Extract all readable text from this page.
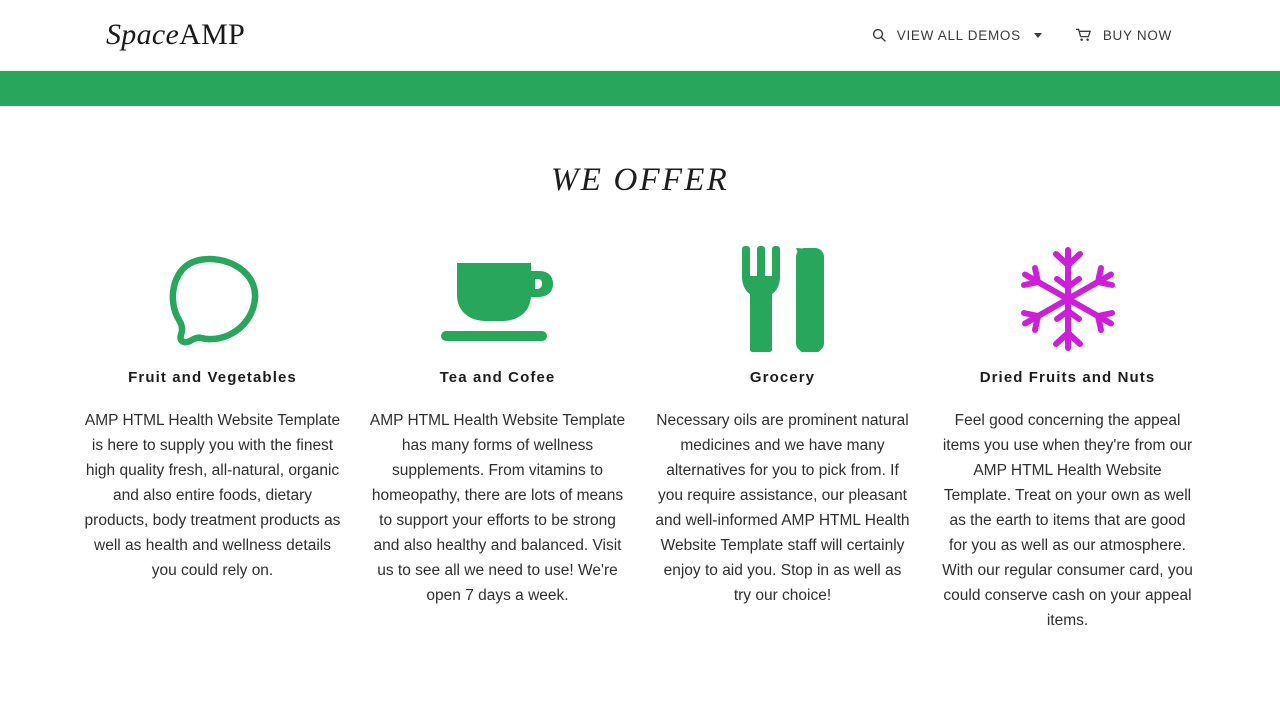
SpaceAMP	VIEW ALL DEMOS	BUY NOW
WE OFFER
Fruit and Vegetables
AMP HTML Health Website Template is here to supply you with the finest high quality fresh, all-natural, organic and also entire foods, dietary products, body treatment products as well as health and wellness details you could rely on.
Tea and Cofee
AMP HTML Health Website Template has many forms of wellness supplements. From vitamins to homeopathy, there are lots of means to support your efforts to be strong and also healthy and balanced. Visit us to see all we need to use! We're open 7 days a week.
Grocery
Necessary oils are prominent natural medicines and we have many alternatives for you to pick from. If you require assistance, our pleasant and well-informed AMP HTML Health Website Template staff will certainly enjoy to aid you. Stop in as well as try our choice!
Dried Fruits and Nuts
Feel good concerning the appeal items you use when they're from our AMP HTML Health Website Template. Treat on your own as well as the earth to items that are good for you as well as our atmosphere. With our regular consumer card, you could conserve cash on your appeal items.
